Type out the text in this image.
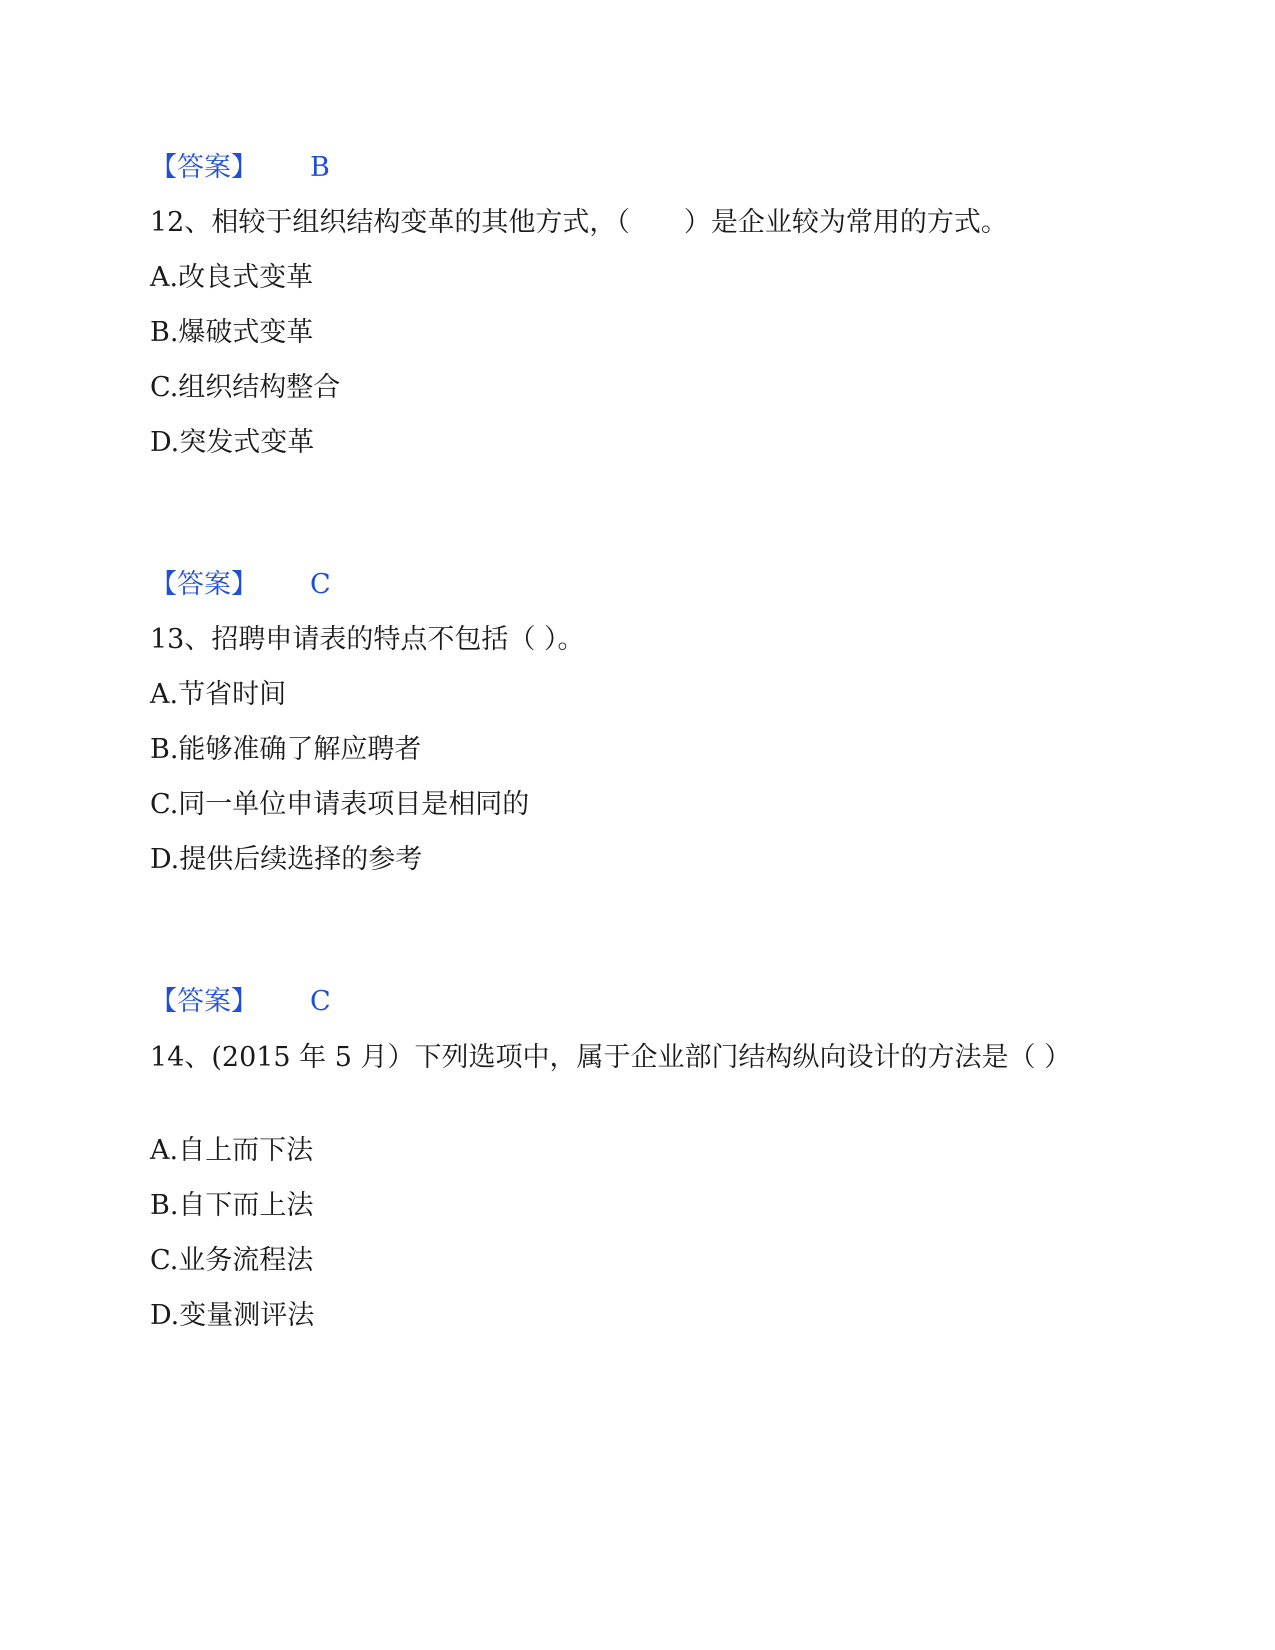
【答案】 B
12、相较于组织结构变革的其他方式，（　　）是企业较为常用的方式。
A.改良式变革
B.爆破式变革
C.组织结构整合
D.突发式变革
【答案】 C
13、招聘申请表的特点不包括（ ）。
A.节省时间
B.能够准确了解应聘者
C.同一单位申请表项目是相同的
D.提供后续选择的参考
【答案】 C
14、(2015 年 5 月）下列选项中，属于企业部门结构纵向设计的方法是（ ）
A.自上而下法
B.自下而上法
C.业务流程法
D.变量测评法
